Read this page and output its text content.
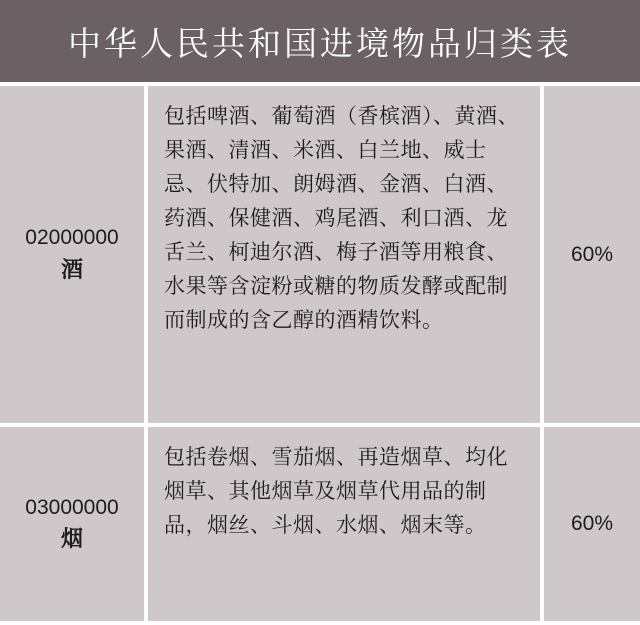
中华人民共和国进境物品归类表
02000000
酒
包括啤酒、葡萄酒（香槟酒）、黄酒、果酒、清酒、米酒、白兰地、威士忌、伏特加、朗姆酒、金酒、白酒、药酒、保健酒、鸡尾酒、利口酒、龙舌兰、柯迪尔酒、梅子酒等用粮食、水果等含淀粉或糖的物质发酵或配制而制成的含乙醇的酒精饮料。
60%
03000000
烟
包括卷烟、雪茄烟、再造烟草、均化烟草、其他烟草及烟草代用品的制品，烟丝、斗烟、水烟、烟末等。	60%
